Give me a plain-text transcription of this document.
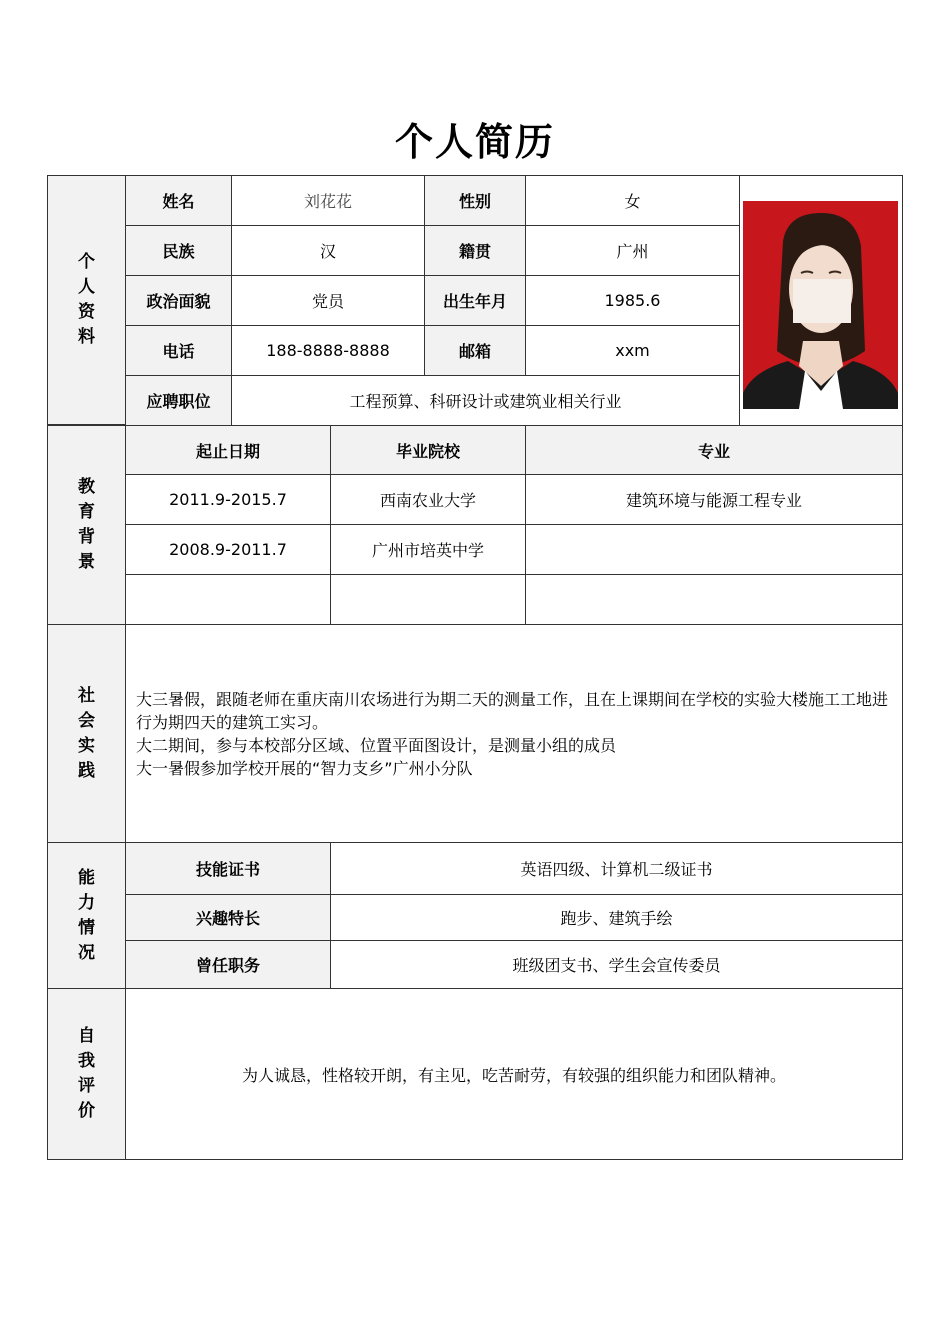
个人简历
个人资料
姓名	刘花花	性别	女
民族	汉	籍贯	广州
政治面貌	党员	出生年月	1985.6
电话	188-8888-8888	邮箱	xxm
应聘职位	工程预算、科研设计或建筑业相关行业
教育背景
起止日期	毕业院校	专业
2011.9-2015.7	西南农业大学	建筑环境与能源工程专业
2008.9-2011.7	广州市培英中学
社会实践
大三暑假，跟随老师在重庆南川农场进行为期二天的测量工作，且在上课期间在学校的实验大楼施工工地进行为期四天的建筑工实习。
大二期间，参与本校部分区域、位置平面图设计，是测量小组的成员
大一暑假参加学校开展的“智力支乡”广州小分队
能力情况
技能证书	英语四级、计算机二级证书
兴趣特长	跑步、建筑手绘
曾任职务	班级团支书、学生会宣传委员
自我评价
为人诚恳，性格较开朗，有主见，吃苦耐劳，有较强的组织能力和团队精神。
